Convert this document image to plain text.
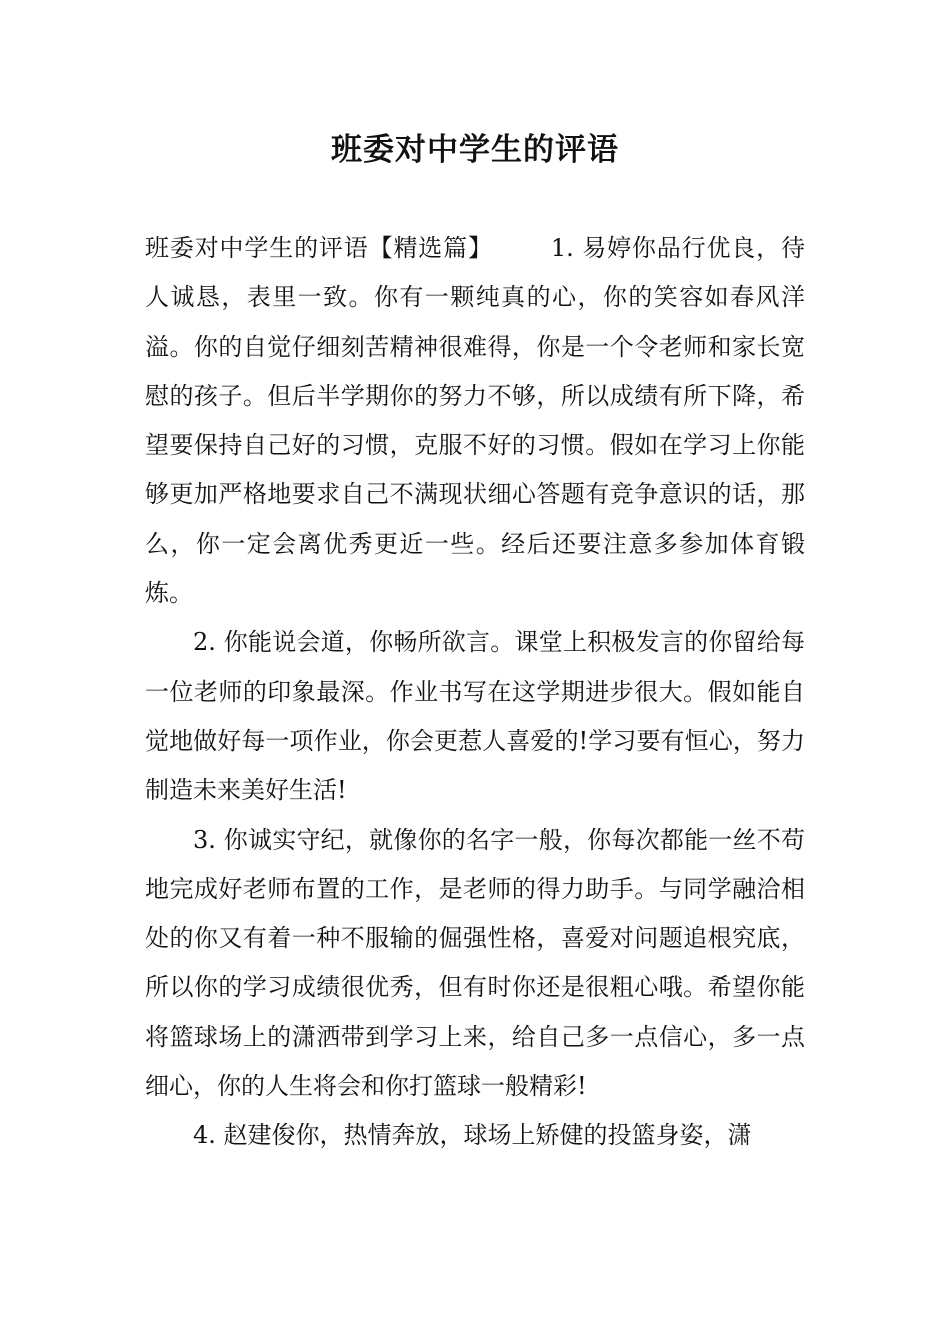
班委对中学生的评语

班委对中学生的评语【精选篇】 1. 易婷你品行优良，待人诚恳，表里一致。你有一颗纯真的心，你的笑容如春风洋溢。你的自觉仔细刻苦精神很难得，你是一个令老师和家长宽慰的孩子。但后半学期你的努力不够，所以成绩有所下降，希望要保持自己好的习惯，克服不好的习惯。假如在学习上你能够更加严格地要求自己不满现状细心答题有竞争意识的话，那么，你一定会离优秀更近一些。经后还要注意多参加体育锻炼。

2. 你能说会道，你畅所欲言。课堂上积极发言的你留给每一位老师的印象最深。作业书写在这学期进步很大。假如能自觉地做好每一项作业，你会更惹人喜爱的!学习要有恒心，努力制造未来美好生活!

3. 你诚实守纪，就像你的名字一般，你每次都能一丝不苟地完成好老师布置的工作，是老师的得力助手。与同学融洽相处的你又有着一种不服输的倔强性格，喜爱对问题追根究底，所以你的学习成绩很优秀，但有时你还是很粗心哦。希望你能将篮球场上的潇洒带到学习上来，给自己多一点信心，多一点细心，你的人生将会和你打篮球一般精彩!

4. 赵建俊你，热情奔放，球场上矫健的投篮身姿，潇
